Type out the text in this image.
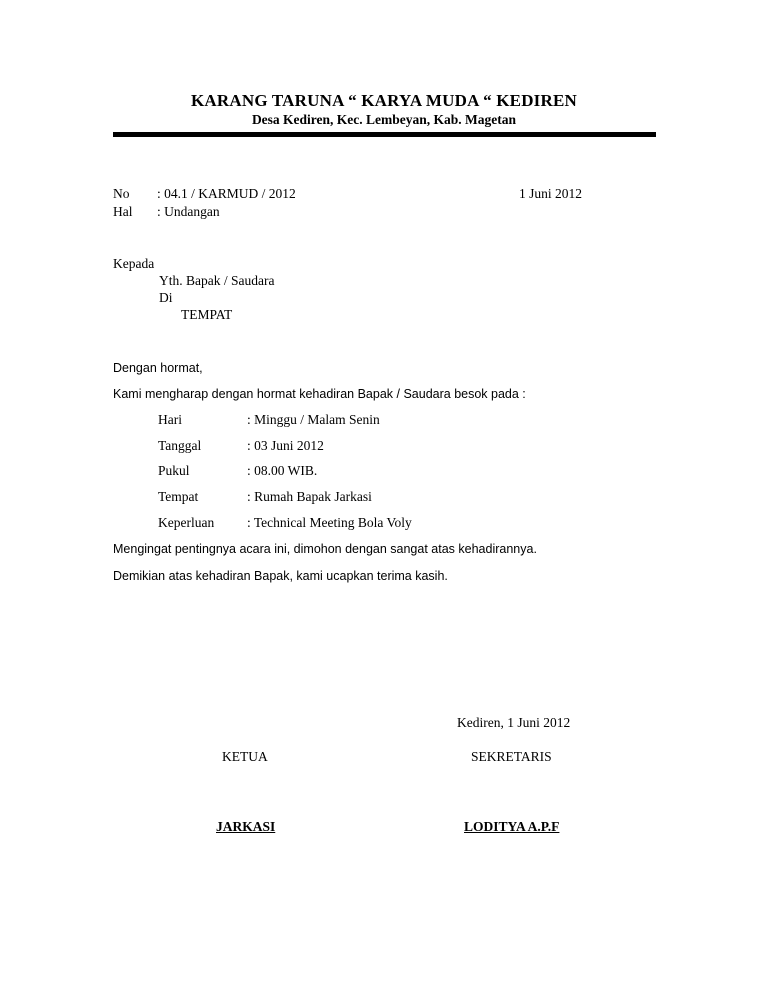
KARANG TARUNA “ KARYA MUDA “ KEDIREN
Desa Kediren, Kec. Lembeyan, Kab. Magetan
No : 04.1 / KARMUD / 2012	1 Juni 2012
Hal : Undangan
Kepada
Yth. Bapak / Saudara
Di
TEMPAT
Dengan hormat,
Kami mengharap dengan hormat kehadiran Bapak / Saudara besok pada :
Hari	: Minggu / Malam Senin
Tanggal	: 03 Juni 2012
Pukul	: 08.00 WIB.
Tempat	: Rumah Bapak Jarkasi
Keperluan : Technical Meeting Bola Voly
Mengingat pentingnya acara ini, dimohon dengan sangat atas kehadirannya.
Demikian atas kehadiran Bapak, kami ucapkan terima kasih.
Kediren, 1 Juni 2012
KETUA	SEKRETARIS
JARKASI	LODITYA A.P.F
